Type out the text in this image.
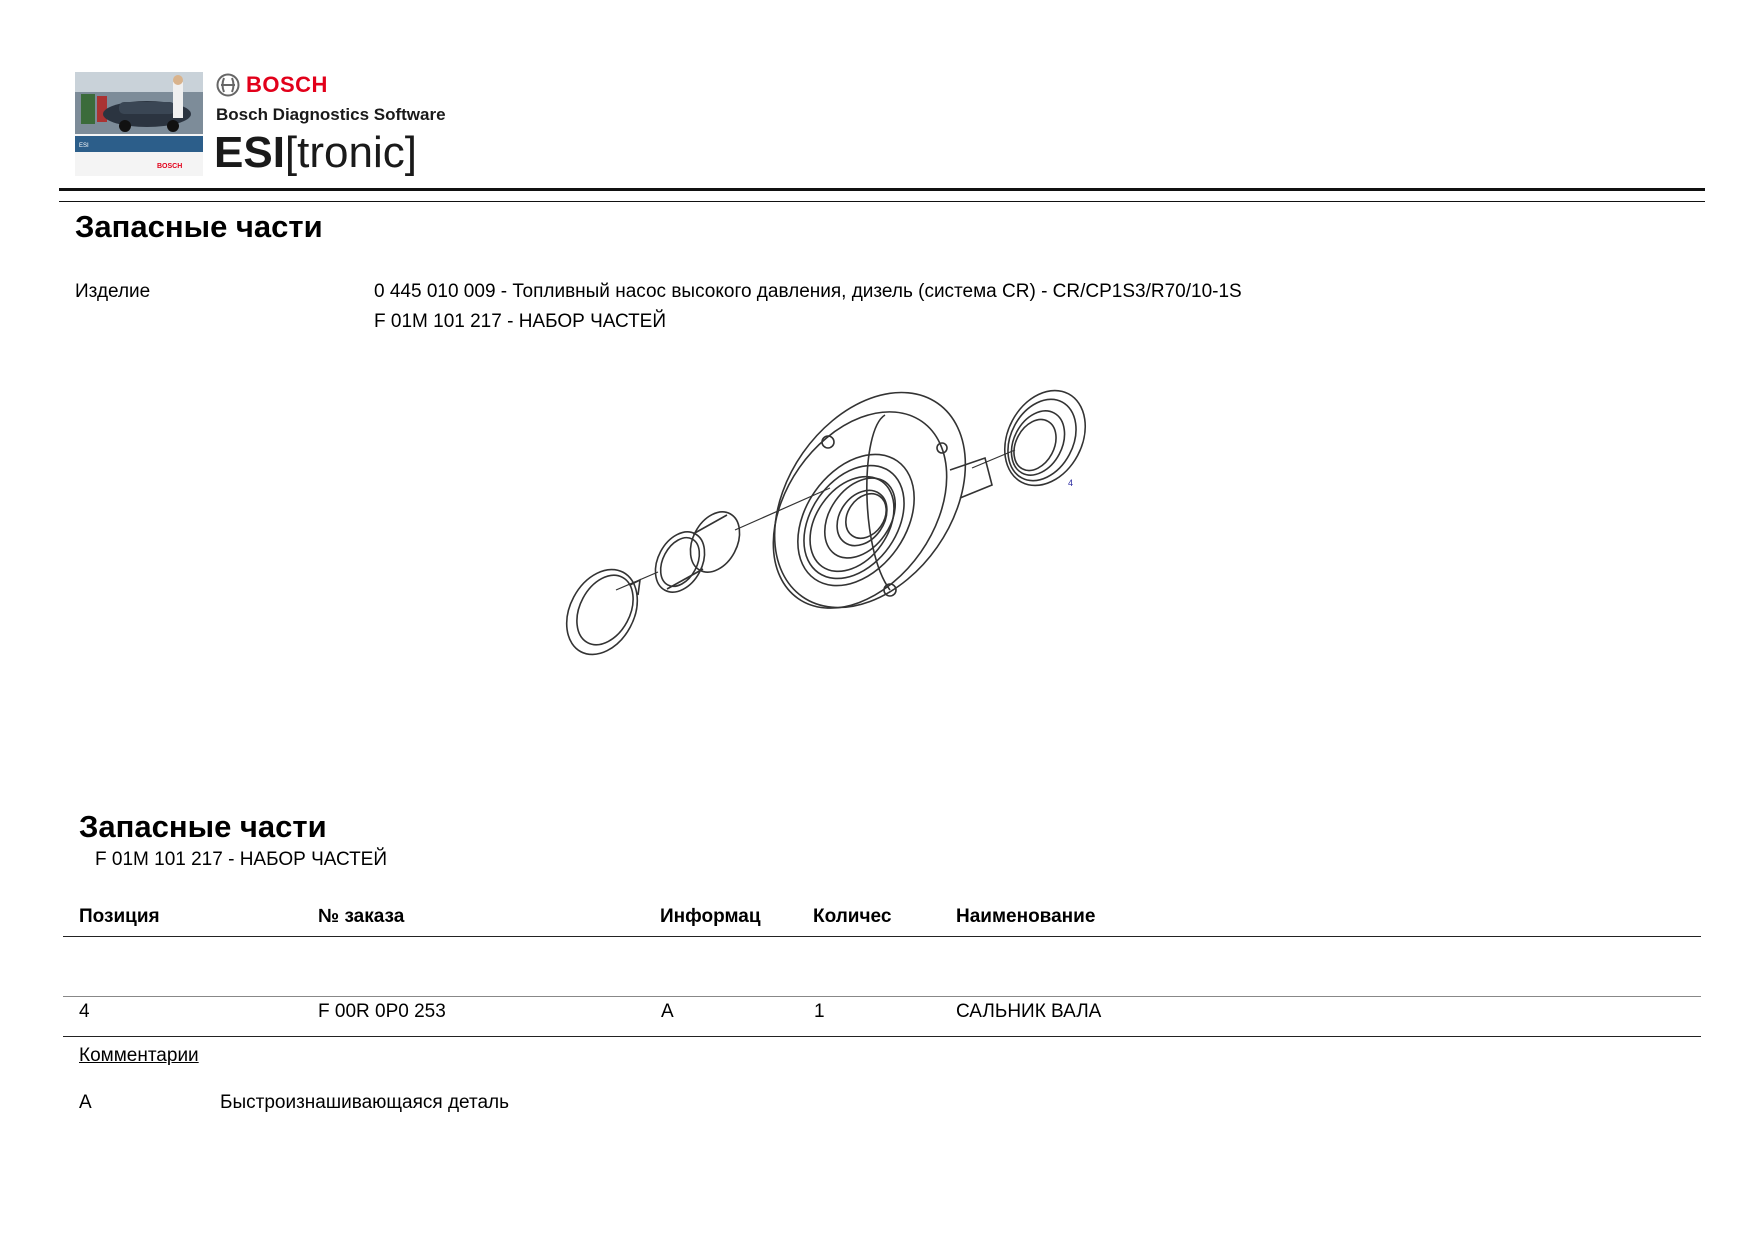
ESI
BOSCH
BOSCH
Bosch Diagnostics Software
ESI[tronic]
Запасные части
Изделие	0 445 010 009 - Топливный насос высокого давления, дизель (система CR) - CR/CP1S3/R70/10-1S
F 01M 101 217 - НАБОР ЧАСТЕЙ
4
Запасные части
F 01M 101 217 - НАБОР ЧАСТЕЙ
Позиция	№ заказа	Информац	Количес	Наименование
4	F 00R 0P0 253	A	1	САЛЬНИК ВАЛА
Комментарии
A	Быстроизнашивающаяся деталь
